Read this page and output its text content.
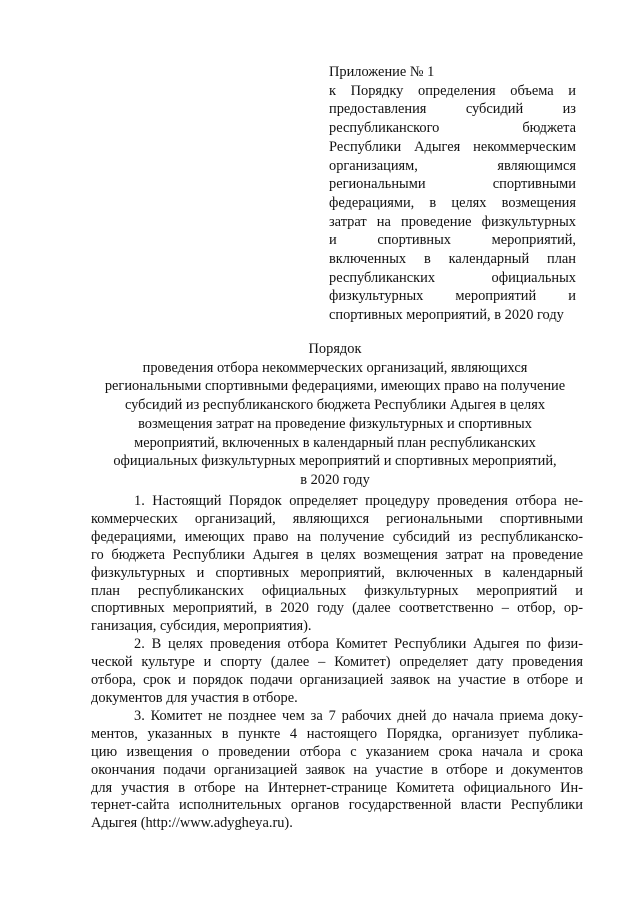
Приложение № 1
к Порядку определения объема и
предоставления субсидий из
республиканского бюджета
Республики Адыгея некоммерческим
организациям, являющимся
региональными спортивными
федерациями, в целях возмещения
затрат на проведение физкультурных
и спортивных мероприятий,
включенных в календарный план
республиканских официальных
физкультурных мероприятий и
спортивных мероприятий, в 2020 году
Порядок
проведения отбора некоммерческих организаций, являющихся
региональными спортивными федерациями, имеющих право на получение
субсидий из республиканского бюджета Республики Адыгея в целях
возмещения затрат на проведение физкультурных и спортивных
мероприятий, включенных в календарный план республиканских
официальных физкультурных мероприятий и спортивных мероприятий,
в 2020 году
1. Настоящий Порядок определяет процедуру проведения отбора не-
коммерческих организаций, являющихся региональными спортивными
федерациями, имеющих право на получение субсидий из республиканско-
го бюджета Республики Адыгея в целях возмещения затрат на проведение
физкультурных и спортивных мероприятий, включенных в календарный
план республиканских официальных физкультурных мероприятий и
спортивных мероприятий, в 2020 году (далее соответственно – отбор, ор-
ганизация, субсидия, мероприятия).
2. В целях проведения отбора Комитет Республики Адыгея по физи-
ческой культуре и спорту (далее – Комитет) определяет дату проведения
отбора, срок и порядок подачи организацией заявок на участие в отборе и
документов для участия в отборе.
3. Комитет не позднее чем за 7 рабочих дней до начала приема доку-
ментов, указанных в пункте 4 настоящего Порядка, организует публика-
цию извещения о проведении отбора с указанием срока начала и срока
окончания подачи организацией заявок на участие в отборе и документов
для участия в отборе на Интернет-странице Комитета официального Ин-
тернет-сайта исполнительных органов государственной власти Республики
Адыгея (http://www.adygheya.ru).
